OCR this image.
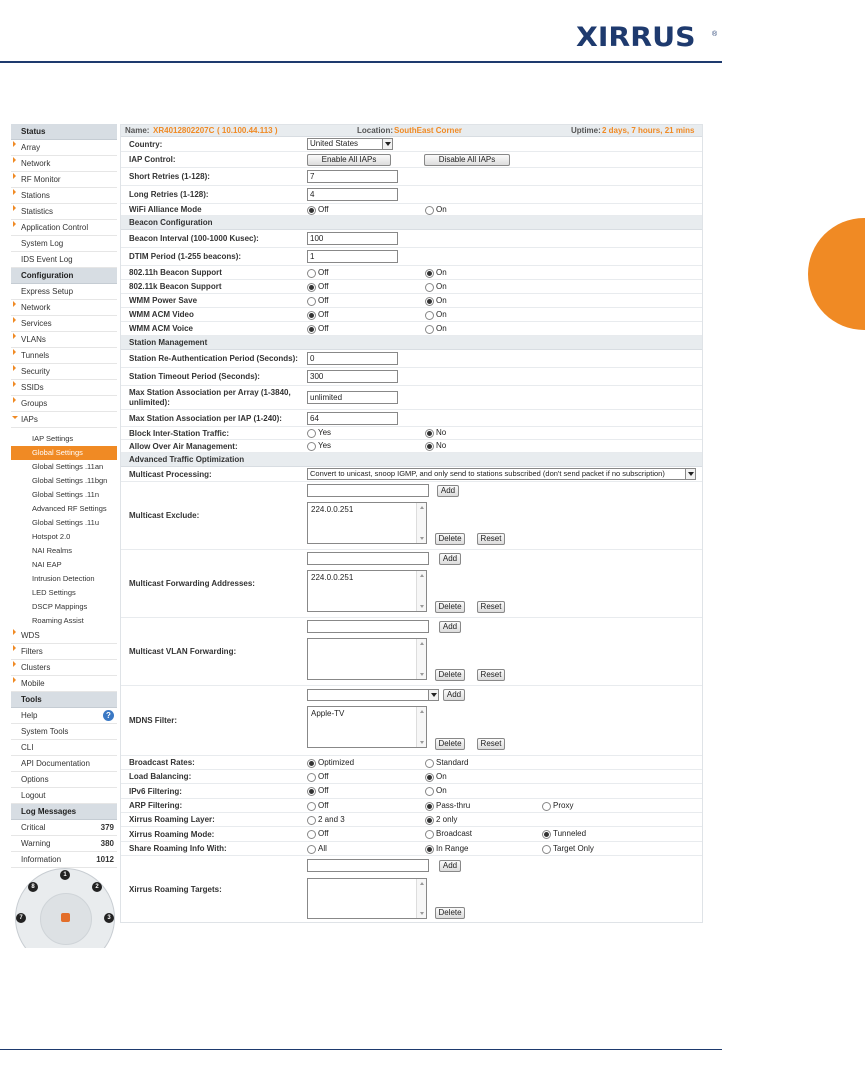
XIRRUS ®
Status
Array
Network
RF Monitor
Stations
Statistics
Application Control
System Log
IDS Event Log
Configuration
Express Setup
Network
Services
VLANs
Tunnels
Security
SSIDs
Groups
IAPs
IAP Settings
Global Settings
Global Settings .11an
Global Settings .11bgn
Global Settings .11n
Advanced RF Settings
Global Settings .11u
Hotspot 2.0
NAI Realms
NAI EAP
Intrusion Detection
LED Settings
DSCP Mappings
Roaming Assist
WDS
Filters
Clusters
Mobile
Tools
Help	?
System Tools
CLI
API Documentation
Options
Logout
Log Messages
Critical	379
Warning	380
Information	1012
1
2
3
7
8
Name: XR4012802207C ( 10.100.44.113 )	Location: SouthEast Corner	Uptime: 2 days, 7 hours, 21 mins
Country:	United States
IAP Control:	Enable All IAPs	Disable All IAPs
Short Retries (1-128):	7
Long Retries (1-128):	4
WiFi Alliance Mode	Off	On
Beacon Configuration
Beacon Interval (100-1000 Kusec):	100
DTIM Period (1-255 beacons):	1
802.11h Beacon Support	Off	On
802.11k Beacon Support	Off	On
WMM Power Save	Off	On
WMM ACM Video	Off	On
WMM ACM Voice	Off	On
Station Management
Station Re-Authentication Period (Seconds):	0
Station Timeout Period (Seconds):	300
Max Station Association per Array (1-3840, unlimited):	unlimited
Max Station Association per IAP (1-240):	64
Block Inter-Station Traffic:	Yes	No
Allow Over Air Management:	Yes	No
Advanced Traffic Optimization
Multicast Processing:	Convert to unicast, snoop IGMP, and only send to stations subscribed (don't send packet if no subscription)
Multicast Exclude:
Add
224.0.0.251
Delete	Reset
Multicast Forwarding Addresses:
Add
224.0.0.251
Delete	Reset
Multicast VLAN Forwarding:
Add
Delete	Reset
MDNS Filter:
Add
Apple-TV
Delete	Reset
Broadcast Rates:	Optimized	Standard
Load Balancing:	Off	On
IPv6 Filtering:	Off	On
ARP Filtering:	Off	Pass-thru	Proxy
Xirrus Roaming Layer:	2 and 3	2 only
Xirrus Roaming Mode:	Off	Broadcast	Tunneled
Share Roaming Info With:	All	In Range	Target Only
Xirrus Roaming Targets:
Add
Delete
